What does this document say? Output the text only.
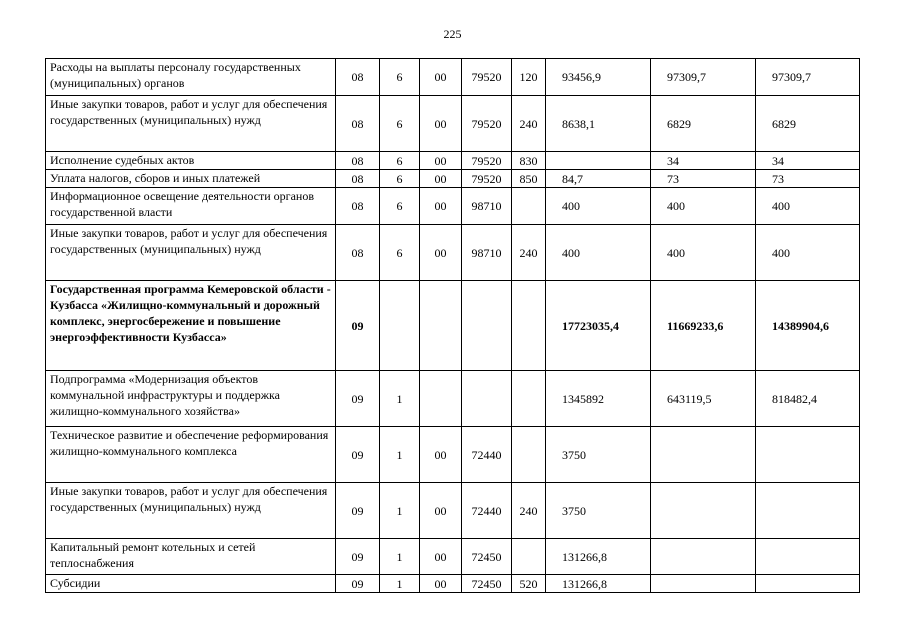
225
Расходы на выплаты персоналу государственных (муниципальных) органов	08	6	00	79520	120	93456,9	97309,7	97309,7
Иные закупки товаров, работ и услуг для обеспечения государственных (муниципальных) нужд	08	6	00	79520	240	8638,1	6829	6829
Исполнение судебных актов	08	6	00	79520	830		34	34
Уплата налогов, сборов и иных платежей	08	6	00	79520	850	84,7	73	73
Информационное освещение деятельности органов государственной власти	08	6	00	98710		400	400	400
Иные закупки товаров, работ и услуг для обеспечения государственных (муниципальных) нужд	08	6	00	98710	240	400	400	400
Государственная программа Кемеровской области - Кузбасса «Жилищно-коммунальный и дорожный комплекс, энергосбережение и повышение энергоэффективности Кузбасса»	09					17723035,4	11669233,6	14389904,6
Подпрограмма «Модернизация объектов коммунальной инфраструктуры и поддержка жилищно-коммунального хозяйства»	09	1				1345892	643119,5	818482,4
Техническое развитие и обеспечение реформирования жилищно-коммунального комплекса	09	1	00	72440		3750		
Иные закупки товаров, работ и услуг для обеспечения государственных (муниципальных) нужд	09	1	00	72440	240	3750		
Капитальный ремонт котельных и сетей теплоснабжения	09	1	00	72450		131266,8		
Субсидии	09	1	00	72450	520	131266,8		
